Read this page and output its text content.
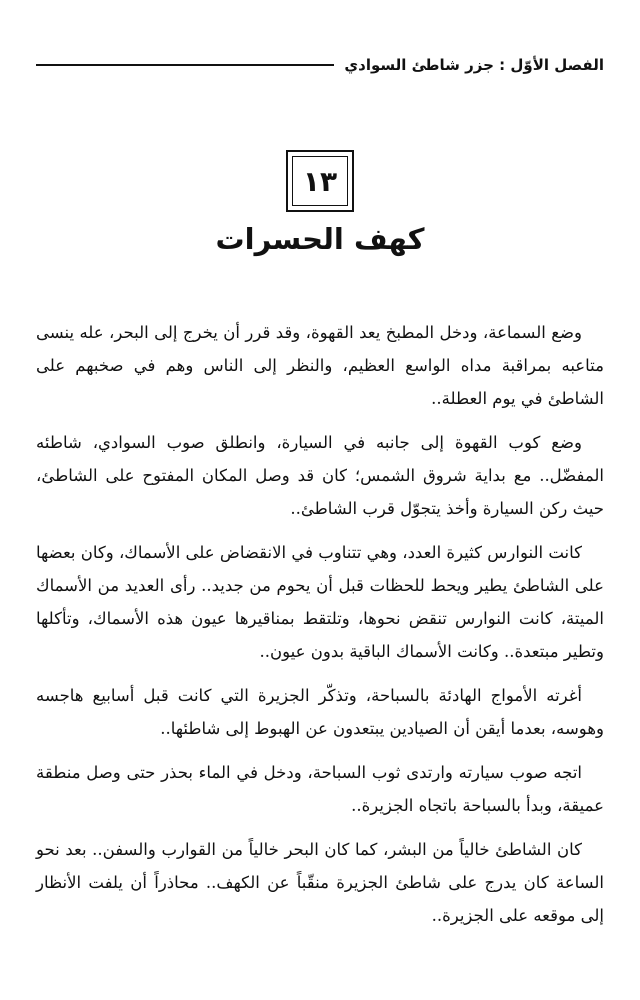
الفصل الأوّل : جزر شاطئ السوادي
١٣
كهف الحسرات

وضع السماعة، ودخل المطبخ يعد القهوة، وقد قرر أن يخرج إلى البحر، عله ينسى متاعبه بمراقبة مداه الواسع العظيم، والنظر إلى الناس وهم في صخبهم على الشاطئ في يوم العطلة..

وضع كوب القهوة إلى جانبه في السيارة، وانطلق صوب السوادي، شاطئه المفضّل.. مع بداية شروق الشمس؛ كان قد وصل المكان المفتوح على الشاطئ، حيث ركن السيارة وأخذ يتجوّل قرب الشاطئ..

كانت النوارس كثيرة العدد، وهي تتناوب في الانقضاض على الأسماك، وكان بعضها على الشاطئ يطير ويحط للحظات قبل أن يحوم من جديد.. رأى العديد من الأسماك الميتة، كانت النوارس تنقض نحوها، وتلتقط بمناقيرها عيون هذه الأسماك، وتأكلها وتطير مبتعدة.. وكانت الأسماك الباقية بدون عيون..

أغرته الأمواج الهادئة بالسباحة، وتذكّر الجزيرة التي كانت قبل أسابيع هاجسه وهوسه، بعدما أيقن أن الصيادين يبتعدون عن الهبوط إلى شاطئها..

اتجه صوب سيارته وارتدى ثوب السباحة، ودخل في الماء بحذر حتى وصل منطقة عميقة، وبدأ بالسباحة باتجاه الجزيرة..

كان الشاطئ خالياً من البشر، كما كان البحر خالياً من القوارب والسفن.. بعد نحو الساعة كان يدرج على شاطئ الجزيرة منقّباً عن الكهف.. محاذراً أن يلفت الأنظار إلى موقعه على الجزيرة..
